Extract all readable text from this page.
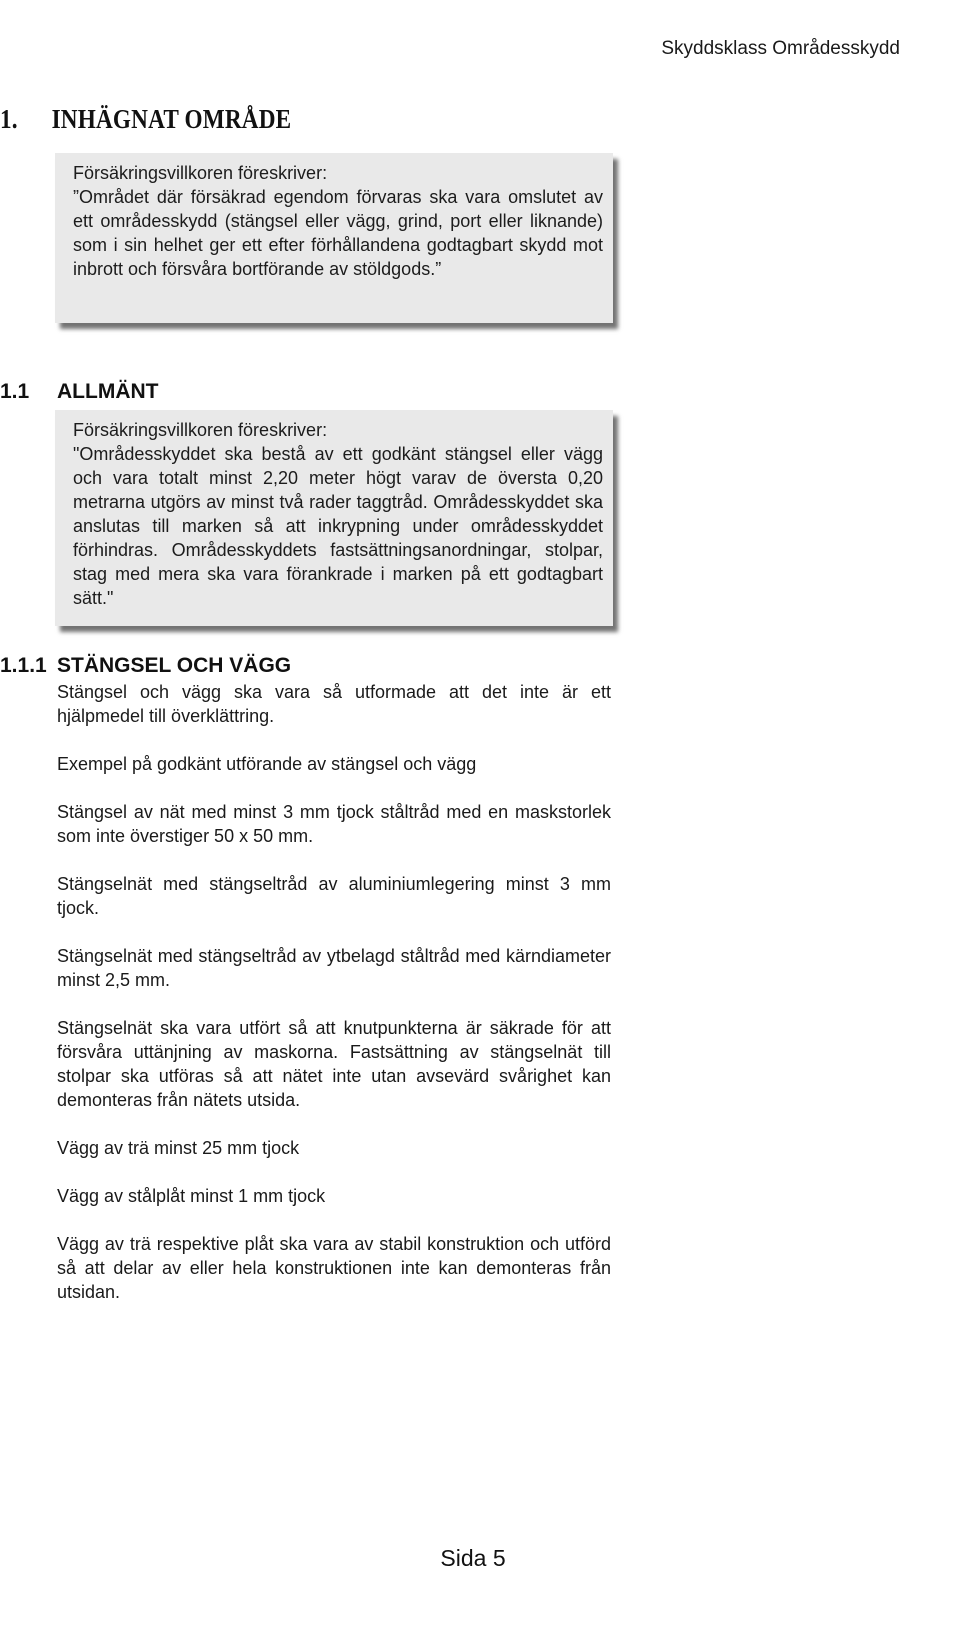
Skyddsklass Områdesskydd
1. INHÄGNAT OMRÅDE

Försäkringsvillkoren föreskriver:

”Området där försäkrad egendom förvaras ska vara omslutet av ett områdesskydd (stängsel eller vägg, grind, port eller liknande) som i sin helhet ger ett efter förhållandena godtagbart skydd mot inbrott och försvåra bortförande av stöldgods.”

1.1 ALLMÄNT

Försäkringsvillkoren föreskriver:

"Områdesskyddet ska bestå av ett godkänt stängsel eller vägg och vara totalt minst 2,20 meter högt varav de översta 0,20 metrarna utgörs av minst två rader taggtråd. Områdesskyddet ska anslutas till marken så att inkrypning under områdesskyddet förhindras. Områdesskyddets fastsättningsanordningar, stolpar, stag med mera ska vara förankrade i marken på ett godtagbart sätt."

1.1.1 STÄNGSEL OCH VÄGG

Stängsel och vägg ska vara så utformade att det inte är ett hjälpmedel till överklättring.

Exempel på godkänt utförande av stängsel och vägg

Stängsel av nät med minst 3 mm tjock ståltråd med en maskstorlek som inte överstiger 50 x 50 mm.

Stängselnät med stängseltråd av aluminiumlegering minst 3 mm tjock.

Stängselnät med stängseltråd av ytbelagd ståltråd med kärndiameter minst 2,5 mm.

Stängselnät ska vara utfört så att knutpunkterna är säkrade för att försvåra uttänjning av maskorna. Fastsättning av stängselnät till stolpar ska utföras så att nätet inte utan avsevärd svårighet kan demonteras från nätets utsida.

Vägg av trä minst 25 mm tjock

Vägg av stålplåt minst 1 mm tjock

Vägg av trä respektive plåt ska vara av stabil konstruktion och utförd så att delar av eller hela konstruktionen inte kan demonteras från utsidan.

Sida 5
